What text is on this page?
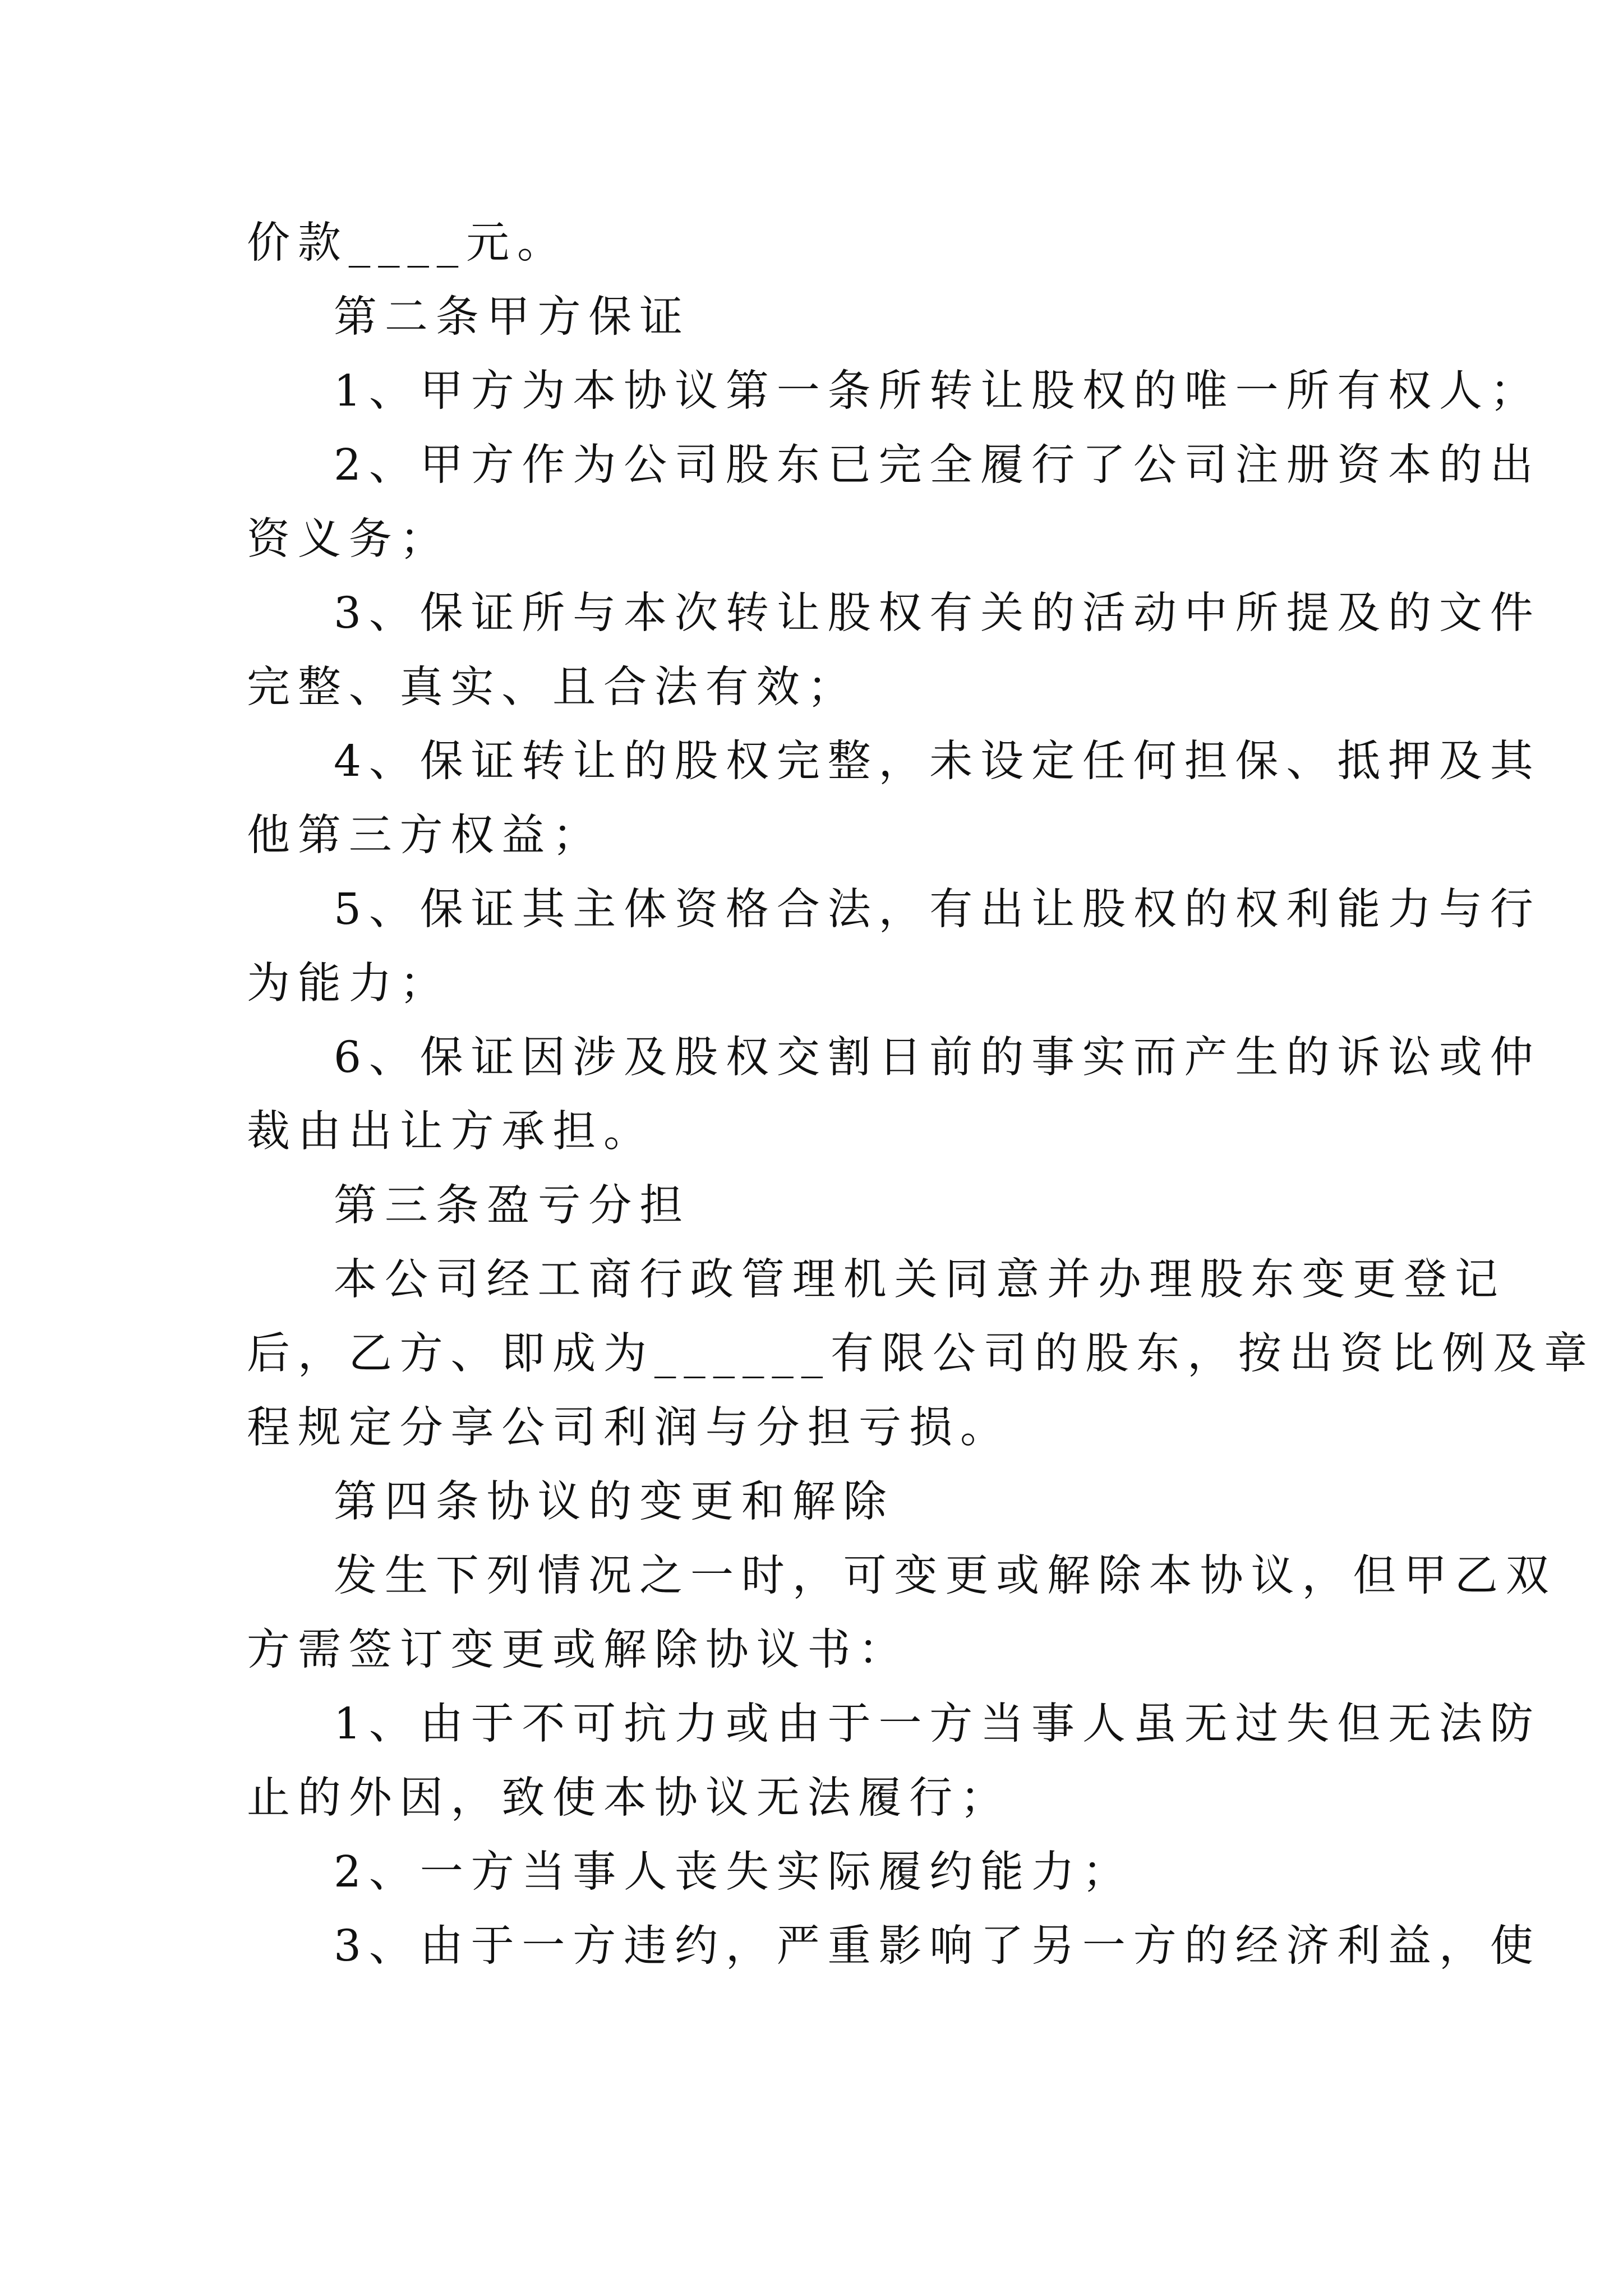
价款____元。
第二条甲方保证
1、甲方为本协议第一条所转让股权的唯一所有权人；
2、甲方作为公司股东已完全履行了公司注册资本的出
资义务；
3、保证所与本次转让股权有关的活动中所提及的文件
完整、真实、且合法有效；
4、保证转让的股权完整，未设定任何担保、抵押及其
他第三方权益；
5、保证其主体资格合法，有出让股权的权利能力与行
为能力；
6、保证因涉及股权交割日前的事实而产生的诉讼或仲
裁由出让方承担。
第三条盈亏分担
本公司经工商行政管理机关同意并办理股东变更登记
后，乙方、即成为______有限公司的股东，按出资比例及章
程规定分享公司利润与分担亏损。
第四条协议的变更和解除
发生下列情况之一时，可变更或解除本协议，但甲乙双
方需签订变更或解除协议书：
1、由于不可抗力或由于一方当事人虽无过失但无法防
止的外因，致使本协议无法履行；
2、一方当事人丧失实际履约能力；
3、由于一方违约，严重影响了另一方的经济利益，使
